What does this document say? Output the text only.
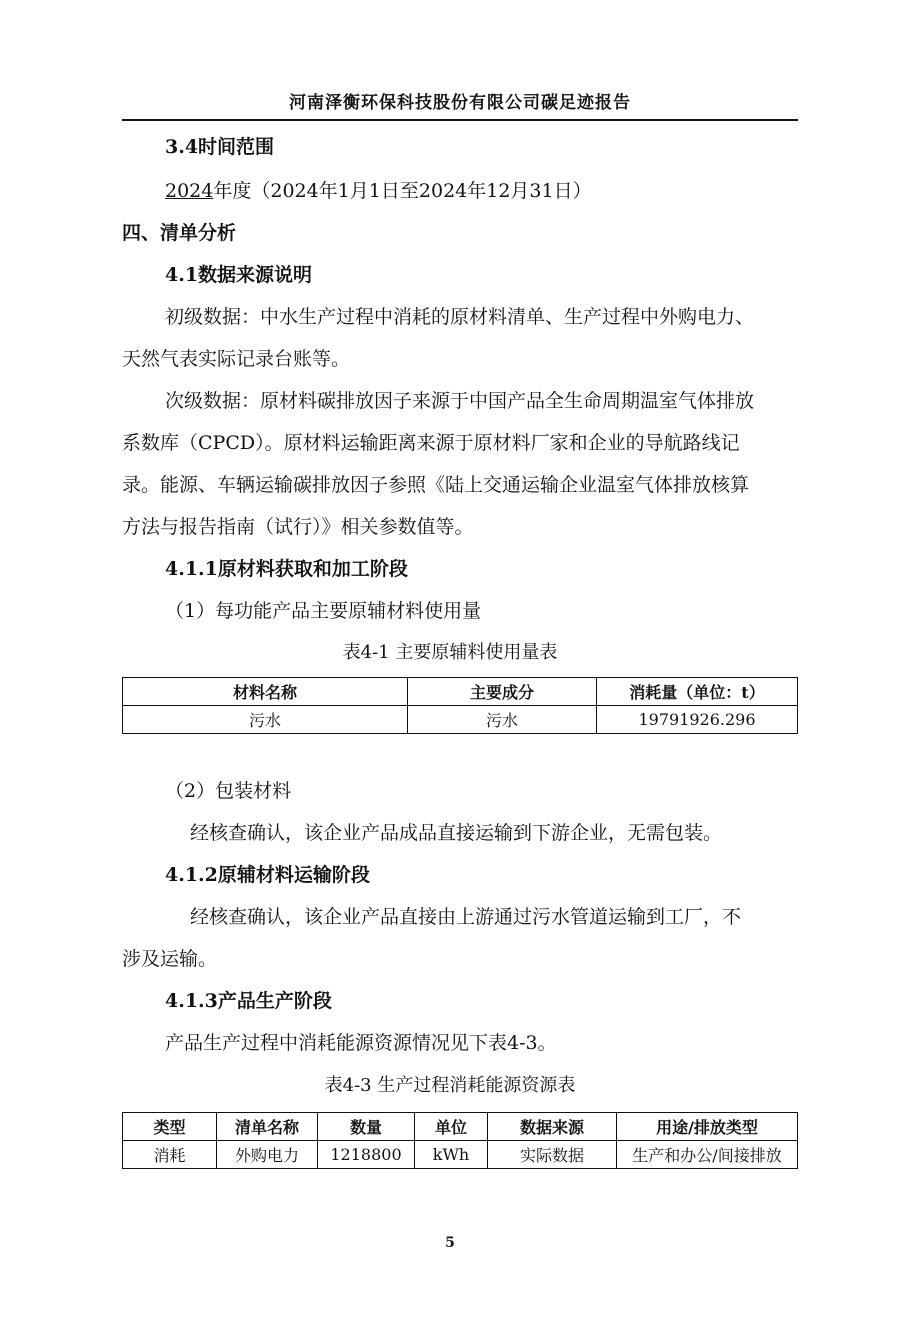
河南泽衡环保科技股份有限公司碳足迹报告
3.4时间范围
2024年度（2024年1月1日至2024年12月31日）
四、清单分析
4.1数据来源说明
初级数据：中水生产过程中消耗的原材料清单、生产过程中外购电力、
天然气表实际记录台账等。
次级数据：原材料碳排放因子来源于中国产品全生命周期温室气体排放
系数库（CPCD）。原材料运输距离来源于原材料厂家和企业的导航路线记
录。能源、车辆运输碳排放因子参照《陆上交通运输企业温室气体排放核算
方法与报告指南（试行）》相关参数值等。
4.1.1原材料获取和加工阶段
（1）每功能产品主要原辅材料使用量
表4-1 主要原辅料使用量表
材料名称	主要成分	消耗量（单位：t）
污水	污水	19791926.296
（2）包装材料
经核查确认，该企业产品成品直接运输到下游企业，无需包装。
4.1.2原辅材料运输阶段
经核查确认，该企业产品直接由上游通过污水管道运输到工厂，不
涉及运输。
4.1.3产品生产阶段
产品生产过程中消耗能源资源情况见下表4-3。
表4-3 生产过程消耗能源资源表
类型	清单名称	数量	单位	数据来源	用途/排放类型
消耗	外购电力	1218800	kWh	实际数据	生产和办公/间接排放
5
